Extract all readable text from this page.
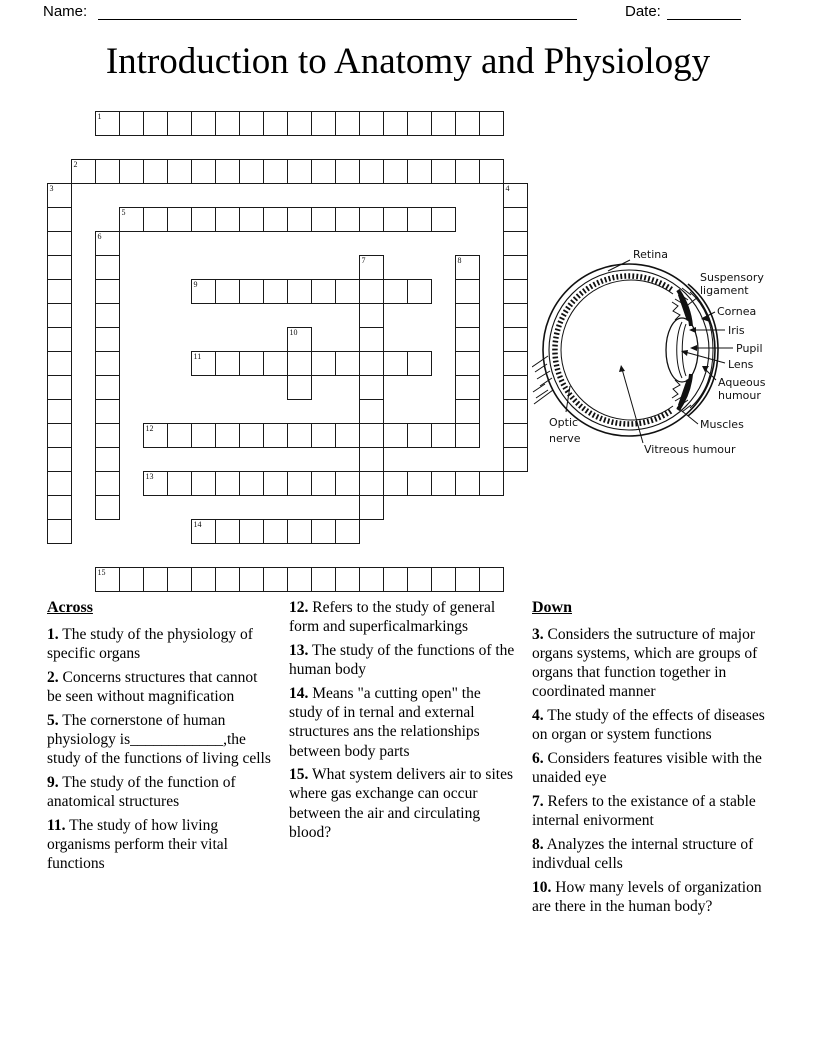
Name:	Date:
Introduction to Anatomy and Physiology
1
2
3	4
5
6
7	8
9
10
11
12
13
14
15
Retina
Suspensory
ligament
Cornea
Iris
Pupil
Lens
Aqueous
humour
Muscles
Optic
nerve
Vitreous humour
Across

1. The study of the physiology of specific organs

2. Concerns structures that cannot be seen without magnification

5. The cornerstone of human physiology is____________,the study of the functions of living cells

9. The study of the function of anatomical structures

11. The study of how living organisms perform their vital functions

12. Refers to the study of general form and superficalmarkings

13. The study of the functions of the human body

14. Means "a cutting open" the study of in ternal and external structures ans the relationships between body parts

15. What system delivers air to sites where gas exchange can occur between the air and circulating blood?

Down

3. Considers the sutructure of major organs systems, which are groups of organs that function together in coordinated manner

4. The study of the effects of diseases on organ or system functions

6. Considers features visible with the unaided eye

7. Refers to the existance of a stable internal enivorment

8. Analyzes the internal structure of indivdual cells

10. How many levels of organization are there in the human body?
